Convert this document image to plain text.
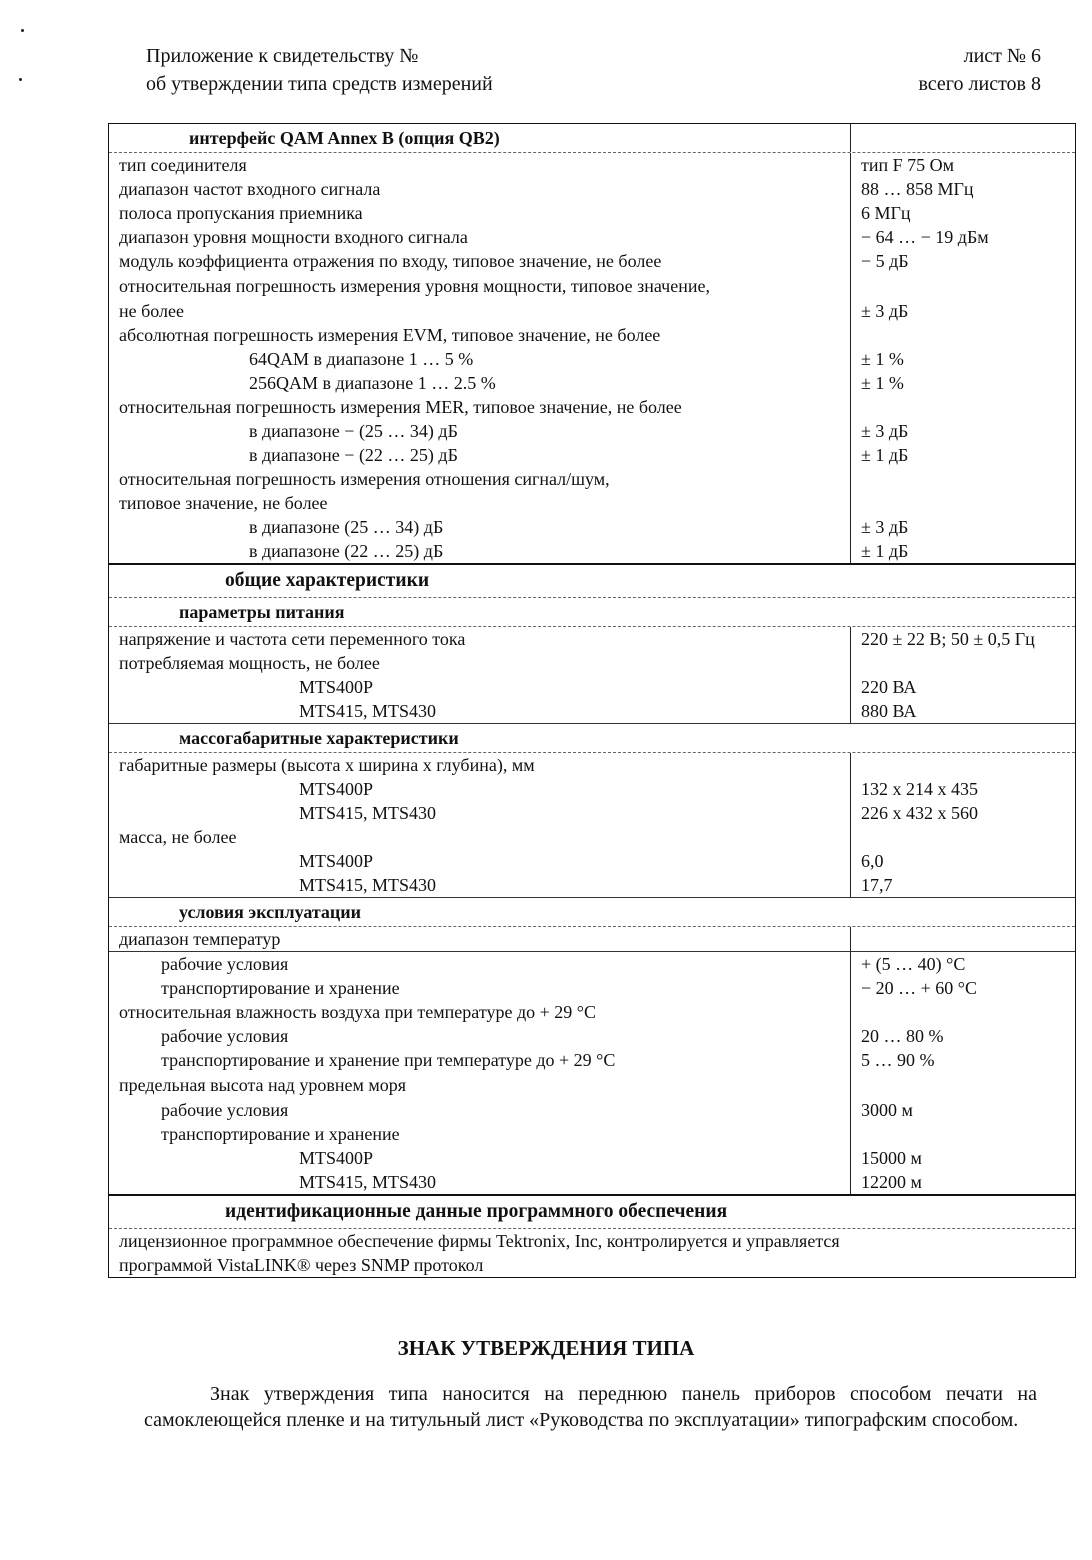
Приложение к свидетельству №
об утверждении типа средств измерений
лист № 6
всего листов 8
интерфейс QAM Annex B (опция QB2)
тип соединителя
диапазон частот входного сигнала
полоса пропускания приемника
диапазон уровня мощности входного сигнала
модуль коэффициента отражения по входу, типовое значение, не более
относительная погрешность измерения уровня мощности, типовое значение,
не более
абсолютная погрешность измерения EVM, типовое значение, не более
64QAM в диапазоне 1 … 5 %
256QAM в диапазоне 1 … 2.5 %
относительная погрешность измерения MER, типовое значение, не более
в диапазоне − (25 … 34) дБ
в диапазоне − (22 … 25) дБ
относительная погрешность измерения отношения сигнал/шум,
типовое значение, не более
в диапазоне (25 … 34) дБ
в диапазоне (22 … 25) дБ
тип F 75 Ом
88 … 858 МГц
6 МГц
− 64 … − 19 дБм
− 5 дБ
± 3 дБ
± 1 %
± 1 %
± 3 дБ
± 1 дБ
± 3 дБ
± 1 дБ
общие характеристики
параметры питания
напряжение и частота сети переменного тока
потребляемая мощность, не более
MTS400P
MTS415, MTS430
220 ± 22 В; 50 ± 0,5 Гц
220 ВА
880 ВА
массогабаритные характеристики
габаритные размеры (высота х ширина х глубина), мм
MTS400P
MTS415, MTS430
масса, не более
MTS400P
MTS415, MTS430
132 x 214 x 435
226 x 432 x 560
6,0
17,7
условия эксплуатации
диапазон температур
рабочие условия
транспортирование и хранение
относительная влажность воздуха при температуре до + 29 °C
рабочие условия
транспортирование и хранение при температуре до + 29 °C
предельная высота над уровнем моря
рабочие условия
транспортирование и хранение
MTS400P
MTS415, MTS430
+ (5 … 40) °C
− 20 … + 60 °C
20 … 80 %
5 … 90 %
3000 м
15000 м
12200 м
идентификационные данные программного обеспечения
лицензионное программное обеспечение фирмы Tektronix, Inc, контролируется и управляется
программой VistaLINK® через SNMP протокол
ЗНАК УТВЕРЖДЕНИЯ ТИПА
Знак утверждения типа наносится на переднюю панель приборов способом печати на самоклеющейся пленке и на титульный лист «Руководства по эксплуатации» типографским способом.
